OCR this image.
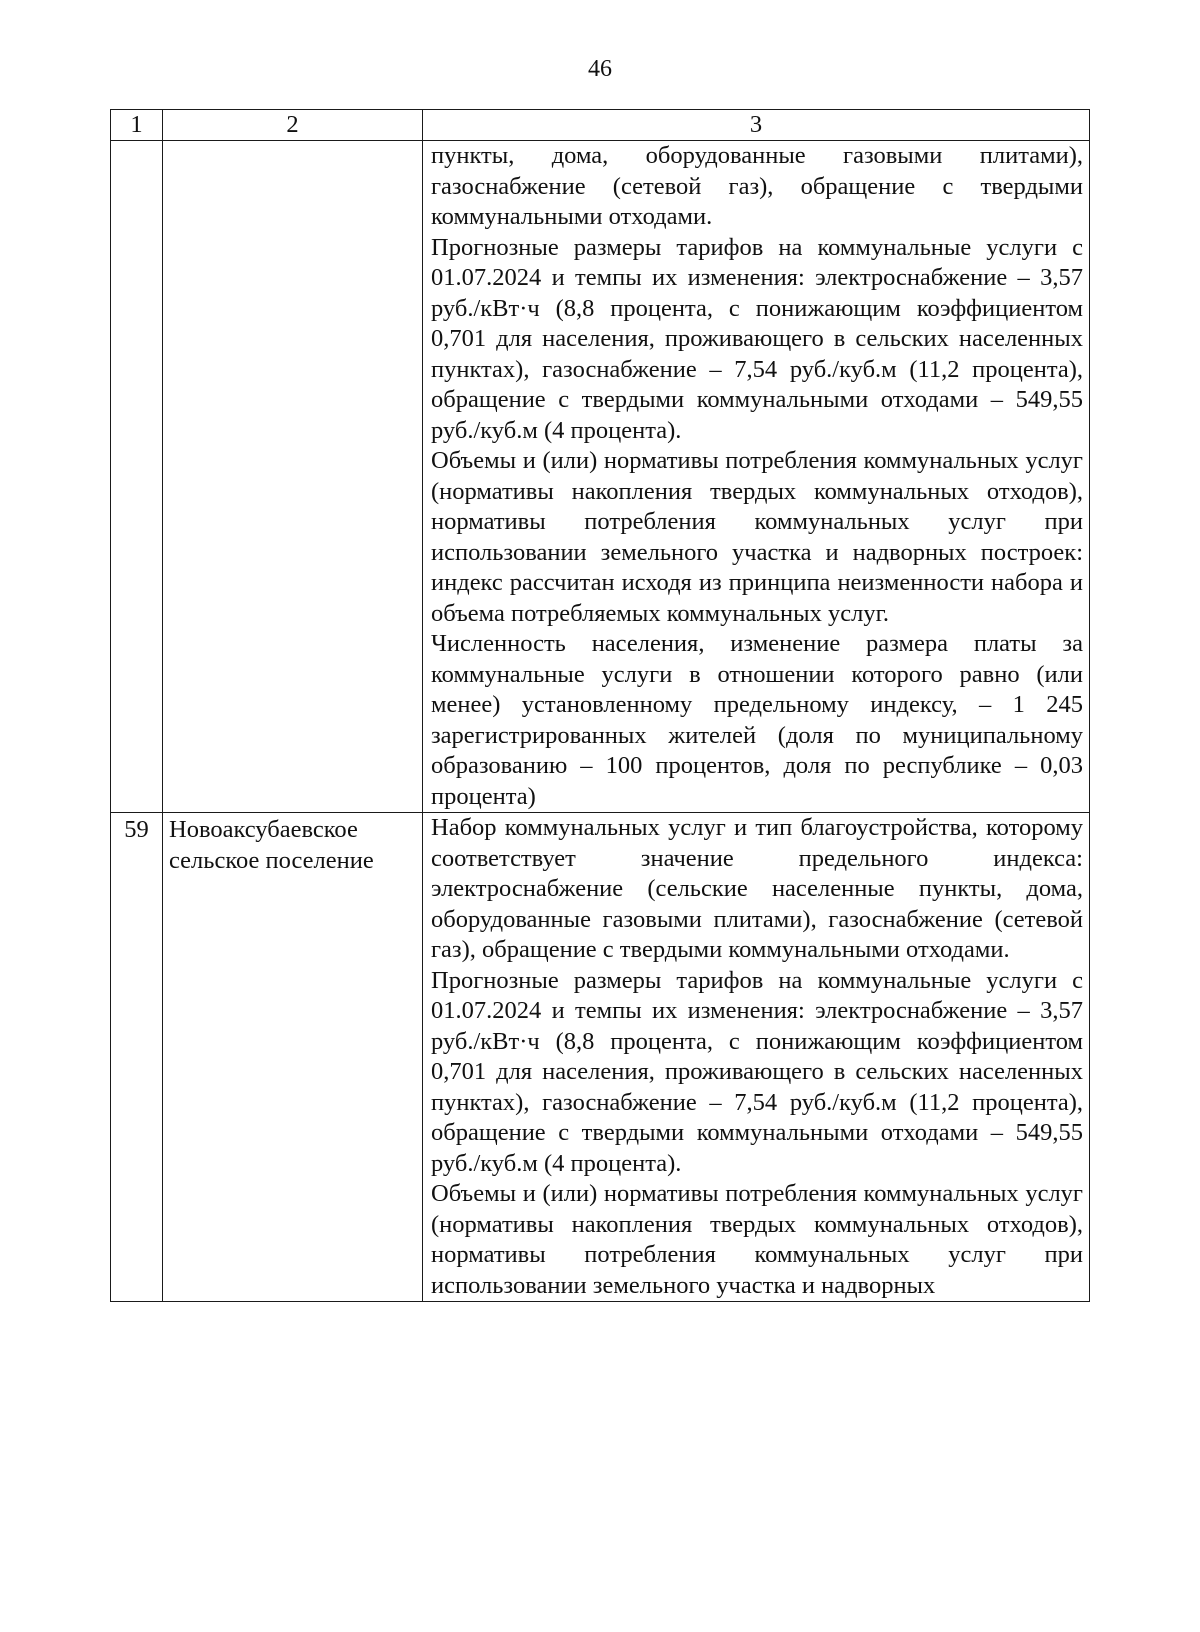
46
1	2	3

		пункты, дома, оборудованные газовыми плитами), газоснабжение (сетевой газ), обращение с твердыми коммунальными отходами.

Прогнозные размеры тарифов на коммунальные услуги с 01.07.2024 и темпы их изменения: электроснабжение – 3,57 руб./кВт·ч (8,8 процента, с понижающим коэффициентом 0,701 для населения, проживающего в сельских населенных пунктах), газоснабжение – 7,54 руб./куб.м (11,2 процента), обращение с твердыми коммунальными отходами – 549,55 руб./куб.м (4 процента).

Объемы и (или) нормативы потребления коммунальных услуг (нормативы накопления твердых коммунальных отходов), нормативы потребления коммунальных услуг при использовании земельного участка и надворных построек: индекс рассчитан исходя из принципа неизменности набора и объема потребляемых коммунальных услуг.

Численность населения, изменение размера платы за коммунальные услуги в отношении которого равно (или менее) установленному предельному индексу, – 1 245 зарегистрированных жителей (доля по муниципальному образованию – 100 процентов, доля по республике – 0,03 процента)

59	Новоаксубаевское сельское поселение	Набор коммунальных услуг и тип благоустройства, которому соответствует значение предельного индекса: электроснабжение (сельские населенные пункты, дома, оборудованные газовыми плитами), газоснабжение (сетевой газ), обращение с твердыми коммунальными отходами.

Прогнозные размеры тарифов на коммунальные услуги с 01.07.2024 и темпы их изменения: электроснабжение – 3,57 руб./кВт·ч (8,8 процента, с понижающим коэффициентом 0,701 для населения, проживающего в сельских населенных пунктах), газоснабжение – 7,54 руб./куб.м (11,2 процента), обращение с твердыми коммунальными отходами – 549,55 руб./куб.м (4 процента).

Объемы и (или) нормативы потребления коммунальных услуг (нормативы накопления твердых коммунальных отходов), нормативы потребления коммунальных услуг при использовании земельного участка и надворных
